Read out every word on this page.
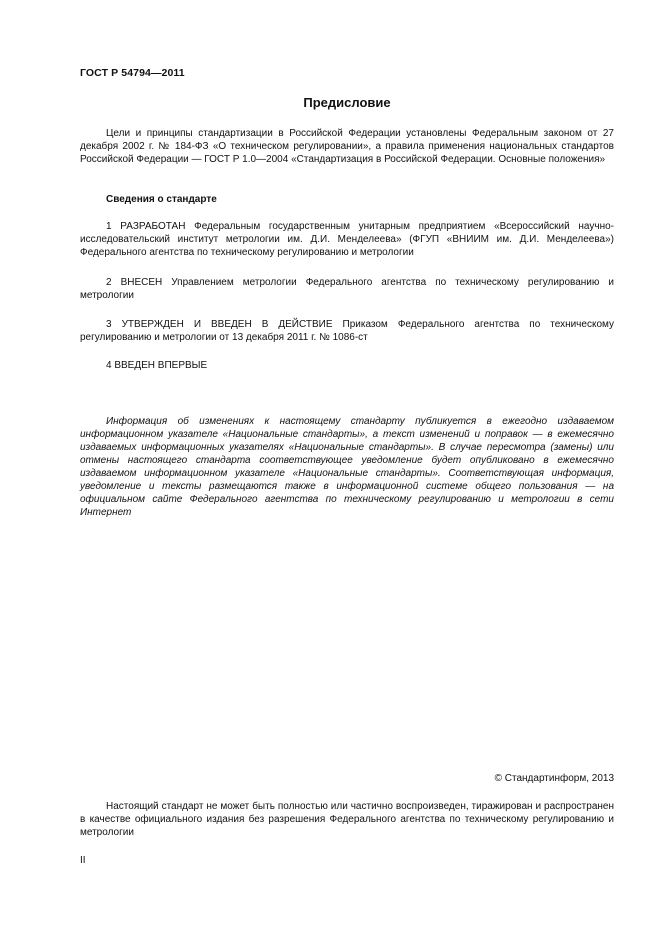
ГОСТ Р 54794—2011
Предисловие

Цели и принципы стандартизации в Российской Федерации установлены Федеральным законом от 27 декабря 2002 г. № 184-ФЗ «О техническом регулировании», а правила применения национальных стандартов Российской Федерации — ГОСТ Р 1.0—2004 «Стандартизация в Российской Федерации. Основные положения»

Сведения о стандарте

1 РАЗРАБОТАН Федеральным государственным унитарным предприятием «Всероссийский научно-исследовательский институт метрологии им. Д.И. Менделеева» (ФГУП «ВНИИМ им. Д.И. Менделеева») Федерального агентства по техническому регулированию и метрологии

2 ВНЕСЕН Управлением метрологии Федерального агентства по техническому регулированию и метрологии

3 УТВЕРЖДЕН И ВВЕДЕН В ДЕЙСТВИЕ Приказом Федерального агентства по техническому регулированию и метрологии от 13 декабря 2011 г. № 1086-ст

4 ВВЕДЕН ВПЕРВЫЕ

Информация об изменениях к настоящему стандарту публикуется в ежегодно издаваемом информационном указателе «Национальные стандарты», а текст изменений и поправок — в ежемесячно издаваемых информационных указателях «Национальные стандарты». В случае пересмотра (замены) или отмены настоящего стандарта соответствующее уведомление будет опубликовано в ежемесячно издаваемом информационном указателе «Национальные стандарты». Соответствующая информация, уведомление и тексты размещаются также в информационной системе общего пользования — на официальном сайте Федерального агентства по техническому регулированию и метрологии в сети Интернет

© Стандартинформ, 2013

Настоящий стандарт не может быть полностью или частично воспроизведен, тиражирован и распространен в качестве официального издания без разрешения Федерального агентства по техническому регулированию и метрологии

II
